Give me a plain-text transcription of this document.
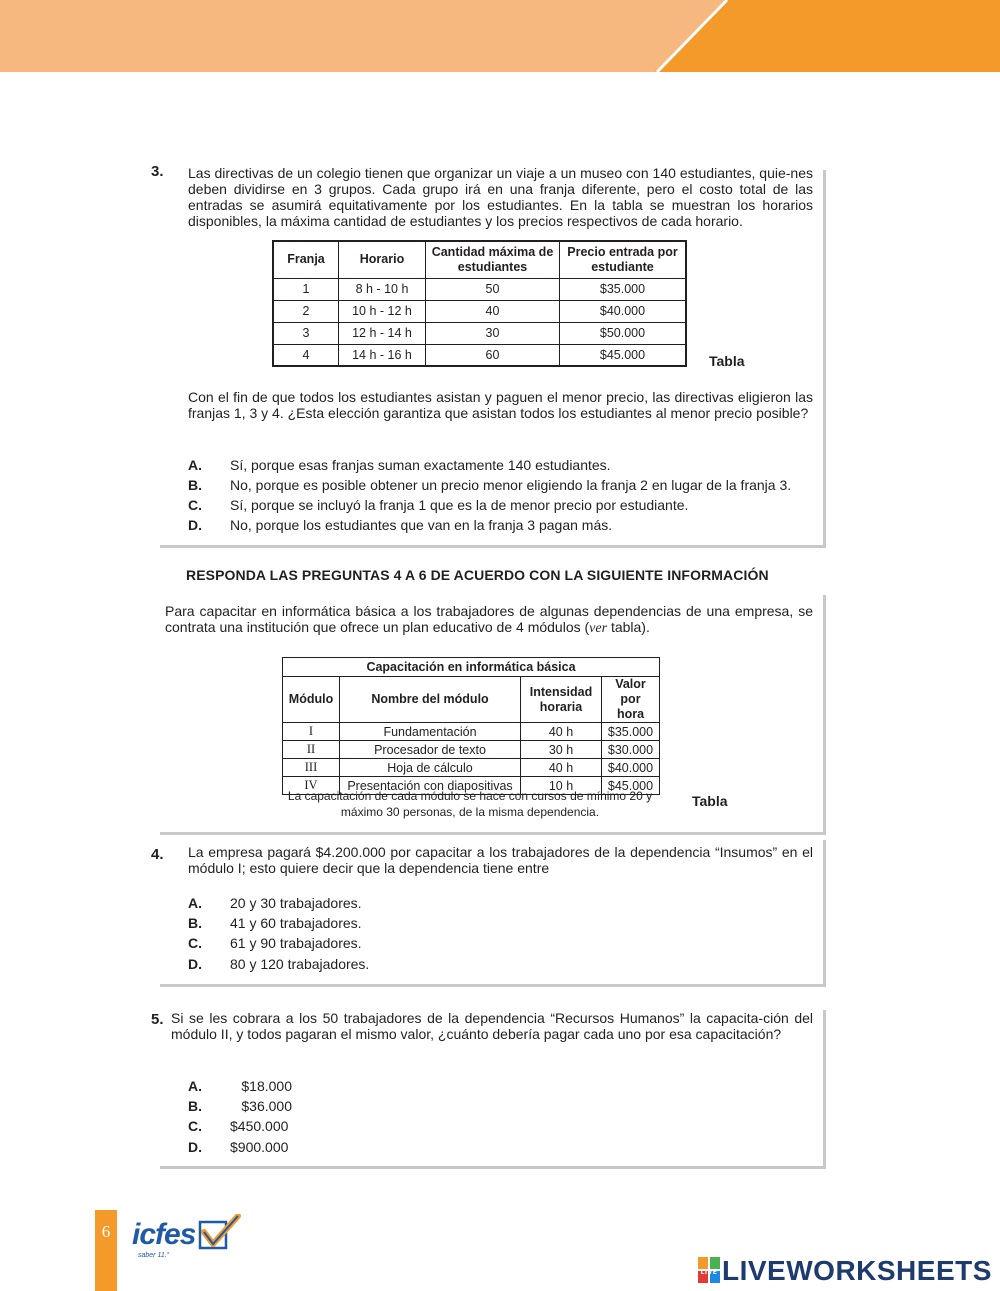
3. Las directivas de un colegio tienen que organizar un viaje a un museo con 140 estudiantes, quie-nes deben dividirse en 3 grupos. Cada grupo irá en una franja diferente, pero el costo total de las entradas se asumirá equitativamente por los estudiantes. En la tabla se muestran los horarios disponibles, la máxima cantidad de estudiantes y los precios respectivos de cada horario.

Franja	Horario	Cantidad máxima de estudiantes	Precio entrada por estudiante
1	8 h - 10 h	50	$35.000
2	10 h - 12 h	40	$40.000
3	12 h - 14 h	30	$50.000
4	14 h - 16 h	60	$45.000	Tabla

Con el fin de que todos los estudiantes asistan y paguen el menor precio, las directivas eligieron las franjas 1, 3 y 4. ¿Esta elección garantiza que asistan todos los estudiantes al menor precio posible?

A. Sí, porque esas franjas suman exactamente 140 estudiantes.
B. No, porque es posible obtener un precio menor eligiendo la franja 2 en lugar de la franja 3.
C. Sí, porque se incluyó la franja 1 que es la de menor precio por estudiante.
D. No, porque los estudiantes que van en la franja 3 pagan más.
RESPONDA LAS PREGUNTAS 4 A 6 DE ACUERDO CON LA SIGUIENTE INFORMACIÓN

Para capacitar en informática básica a los trabajadores de algunas dependencias de una empresa, se contrata una institución que ofrece un plan educativo de 4 módulos (ver tabla).

Capacitación en informática básica			
Módulo	Nombre del módulo	Intensidad horaria	Valor por hora
I	Fundamentación	40 h	$35.000
II	Procesador de texto	30 h	$30.000
III	Hoja de cálculo	40 h	$40.000
IV	Presentación con diapositivas	10 h	$45.000
La capacitación de cada módulo se hace con cursos de mínimo 20 y máximo 30 personas, de la misma dependencia.
Tabla
4. La empresa pagará $4.200.000 por capacitar a los trabajadores de la dependencia “Insumos” en el módulo I; esto quiere decir que la dependencia tiene entre

A. 20 y 30 trabajadores.
B. 41 y 60 trabajadores.
C. 61 y 90 trabajadores.
D. 80 y 120 trabajadores.
5. Si se les cobrara a los 50 trabajadores de la dependencia “Recursos Humanos” la capacita-ción del módulo II, y todos pagaran el mismo valor, ¿cuánto debería pagar cada uno por esa capacitación?

A.	$18.000
B.	$36.000
C. $450.000
D. $900.000
6 icfes
saber 11.°
LIVE LIVEWORKSHEETS
